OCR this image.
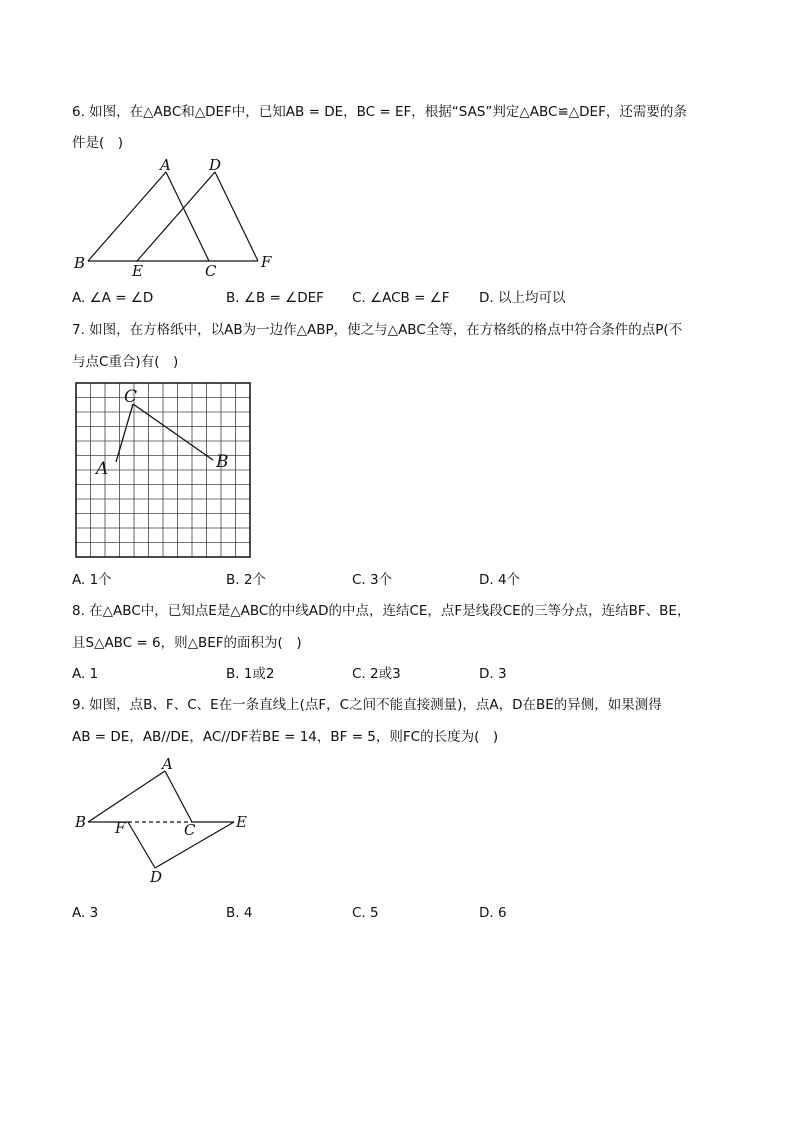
6. 如图，在△ABC和△DEF中，已知AB = DE，BC = EF，根据“SAS”判定△ABC≌△DEF，还需要的条
件是(　)
A	D
B	E	C	F
A. ∠A = ∠D	B. ∠B = ∠DEF C. ∠ACB = ∠F D. 以上均可以
7. 如图，在方格纸中，以AB为一边作△ABP，使之与△ABC全等，在方格纸的格点中符合条件的点P(不
与点C重合)有(　)
C
A	B
A. 1个	B. 2个	C. 3个	D. 4个
8. 在△ABC中，已知点E是△ABC的中线AD的中点，连结CE，点F是线段CE的三等分点，连结BF、BE，
且S△ABC = 6，则△BEF的面积为(　)
A. 1	B. 1或2	C. 2或3	D. 3
9. 如图，点B、F、C、E在一条直线上(点F，C之间不能直接测量)，点A，D在BE的异侧，如果测得
AB = DE，AB//DE，AC//DF若BE = 14，BF = 5，则FC的长度为(　)
A
B F	C	E
D
A. 3	B. 4	C. 5	D. 6
